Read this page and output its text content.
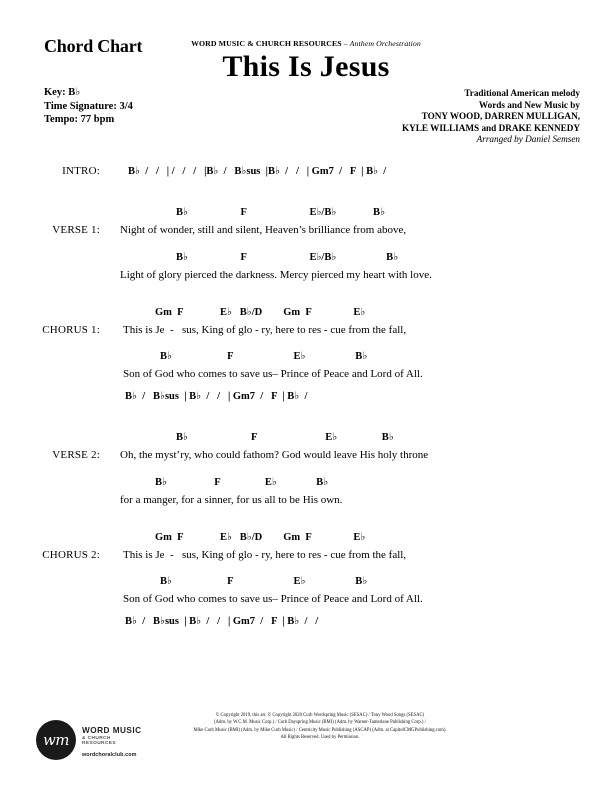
Chord Chart	WORD MUSIC & CHURCH RESOURCES – Anthem Orchestration
This Is Jesus
Key: B♭
Time Signature: 3/4
Tempo: 77 bpm
Traditional American melody
Words and New Music by
TONY WOOD, DARREN MULLIGAN,
KYLE WILLIAMS and DRAKE KENNEDY
Arranged by Daniel Semsen
INTRO:	B♭  /   /   | /   /   /   |B♭  /   B♭sus  |B♭  /   /   | Gm7  /   F  | B♭  /
VERSE 1:
B♭                    F                        E♭/B♭              B♭
Night of wonder, still and silent, Heaven’s brilliance from above,
B♭                    F                        E♭/B♭                   B♭
Light of glory pierced the darkness. Mercy pierced my heart with love.
CHORUS 1:
Gm  F              E♭   B♭/D        Gm  F                E♭
This is Je  -   sus, King of glo - ry, here to res - cue from the fall,
B♭                     F                       E♭                   B♭
Son of God who comes to save us– Prince of Peace and Lord of All.
B♭  /   B♭sus  | B♭  /   /   | Gm7  /   F  | B♭  /
VERSE 2:
B♭                        F                          E♭                 B♭
Oh, the myst’ry, who could fathom? God would leave His holy throne
B♭                  F                 E♭               B♭
for a manger, for a sinner, for us all to be His own.
CHORUS 2:
Gm  F              E♭   B♭/D        Gm  F                E♭
This is Je  -   sus, King of glo - ry, here to res - cue from the fall,
B♭                     F                       E♭                   B♭
Son of God who comes to save us– Prince of Peace and Lord of All.
B♭  /   B♭sus  | B♭  /   /   | Gm7  /   F  | B♭  /   /
wm
WORD MUSIC
& CHURCH RESOURCES
wordchoralclub.com
© Copyright 2019, this arr. © Copyright 2020 Curb Wordspring Music (SESAC) / Tony Wood Songs (SESAC)
(Adm. by W.C.M. Music Corp.) / Curb Dayspring Music (BMI) (Adm. by Warner-Tamerlane Publishing Corp.) /
Mike Curb Music (BMI) (Adm. by Mike Curb Music) / Centricity Music Publishing (ASCAP) (Adm. at CapitolCMGPublishing.com).
All Rights Reserved. Used by Permission.
